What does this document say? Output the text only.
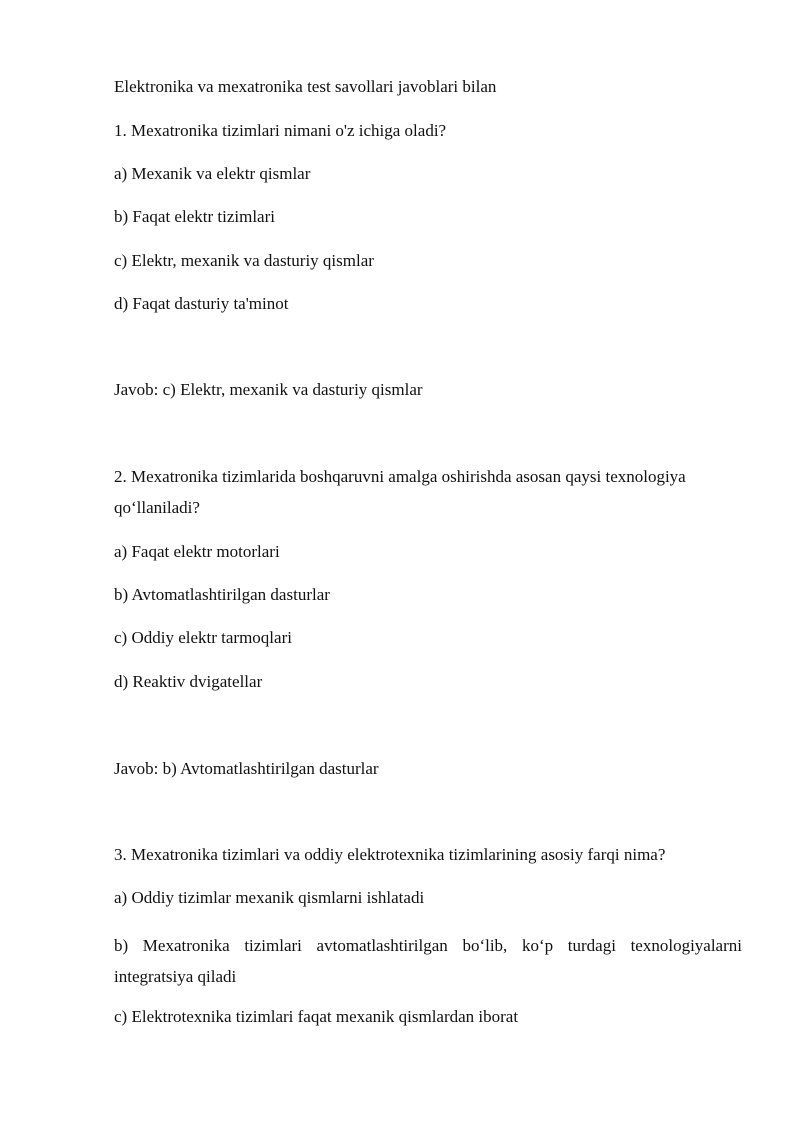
Elektronika va mexatronika test savollari javoblari bilan

1. Mexatronika tizimlari nimani o'z ichiga oladi?

a) Mexanik va elektr qismlar

b) Faqat elektr tizimlari

c) Elektr, mexanik va dasturiy qismlar

d) Faqat dasturiy ta'minot

Javob: c) Elektr, mexanik va dasturiy qismlar

2. Mexatronika tizimlarida boshqaruvni amalga oshirishda asosan qaysi texnologiya

qo‘llaniladi?

a) Faqat elektr motorlari

b) Avtomatlashtirilgan dasturlar

c) Oddiy elektr tarmoqlari

d) Reaktiv dvigatellar

Javob: b) Avtomatlashtirilgan dasturlar

3. Mexatronika tizimlari va oddiy elektrotexnika tizimlarining asosiy farqi nima?

a) Oddiy tizimlar mexanik qismlarni ishlatadi

b) Mexatronika tizimlari avtomatlashtirilgan bo‘lib, ko‘p turdagi texnologiyalarni integratsiya qiladi

c) Elektrotexnika tizimlari faqat mexanik qismlardan iborat
